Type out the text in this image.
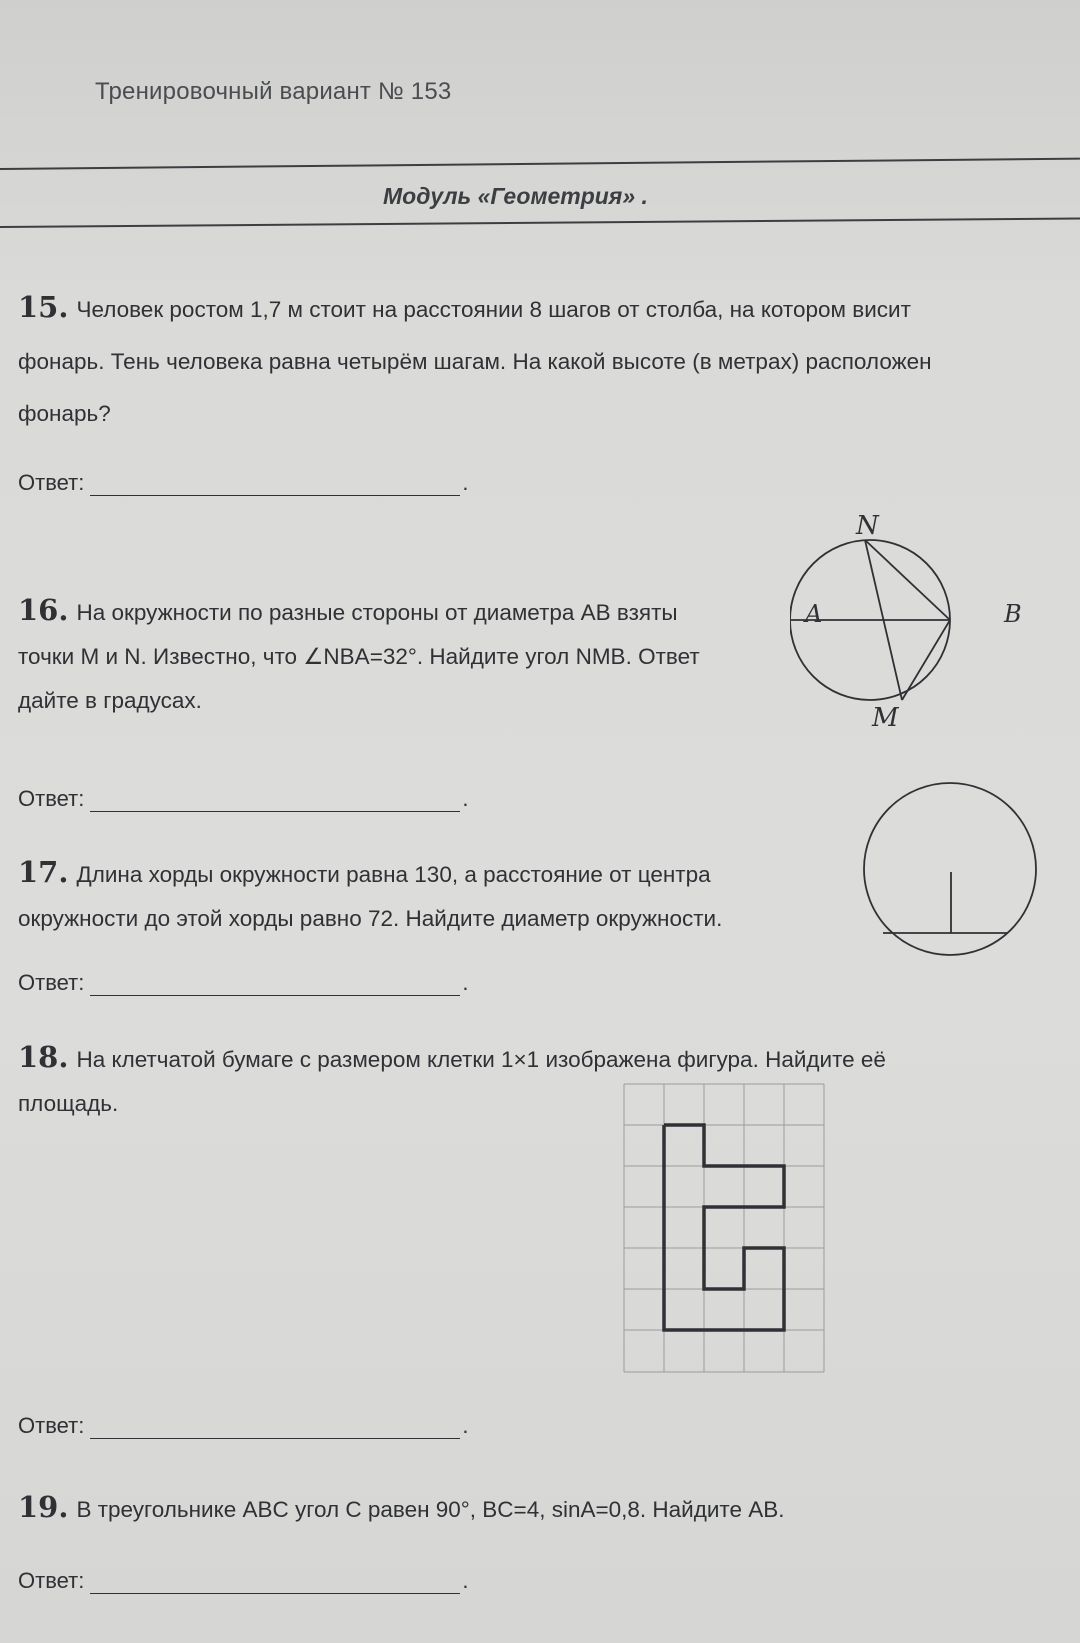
Тренировочный вариант № 153
Модуль «Геометрия» .
15. Человек ростом 1,7 м стоит на расстоянии 8 шагов от столба, на котором висит
фонарь. Тень человека равна четырём шагам. На какой высоте (в метрах) расположен
фонарь?
Ответ:	.
16. На окружности по разные стороны от диаметра AB взяты
точки M и N. Известно, что ∠NBA=32°. Найдите угол NMB. Ответ
дайте в градусах.
N
A	B
M
Ответ:	.
17. Длина хорды окружности равна 130, а расстояние от центра
окружности до этой хорды равно 72. Найдите диаметр окружности.
Ответ:	.
18. На клетчатой бумаге с размером клетки 1×1 изображена фигура. Найдите её
площадь.
Ответ:	.
19. В треугольнике ABC угол C равен 90°, BC=4, sinA=0,8. Найдите AB.
Ответ:	.
